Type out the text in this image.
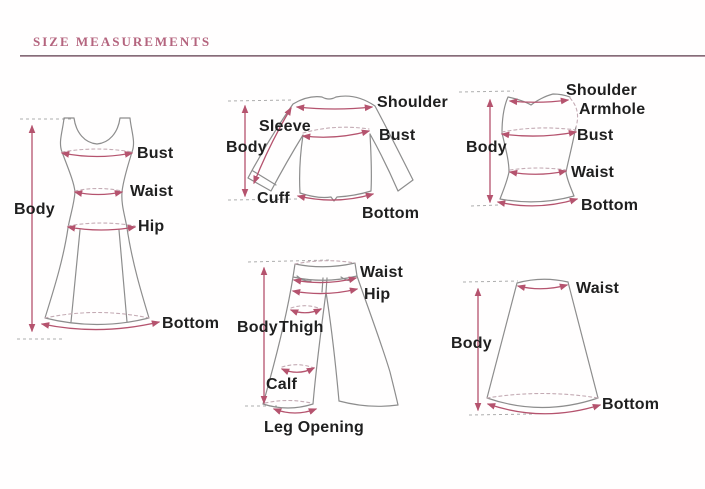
SIZE MEASUREMENTS
Body
Bust
Waist
Hip
Bottom
Shoulder
Sleeve
Body
Bust
Cuff
Bottom
Shoulder
Armhole
Body
Bust
Waist
Bottom
Waist
Hip
Body Thigh
Calf
Leg Opening
Waist
Body
Bottom
